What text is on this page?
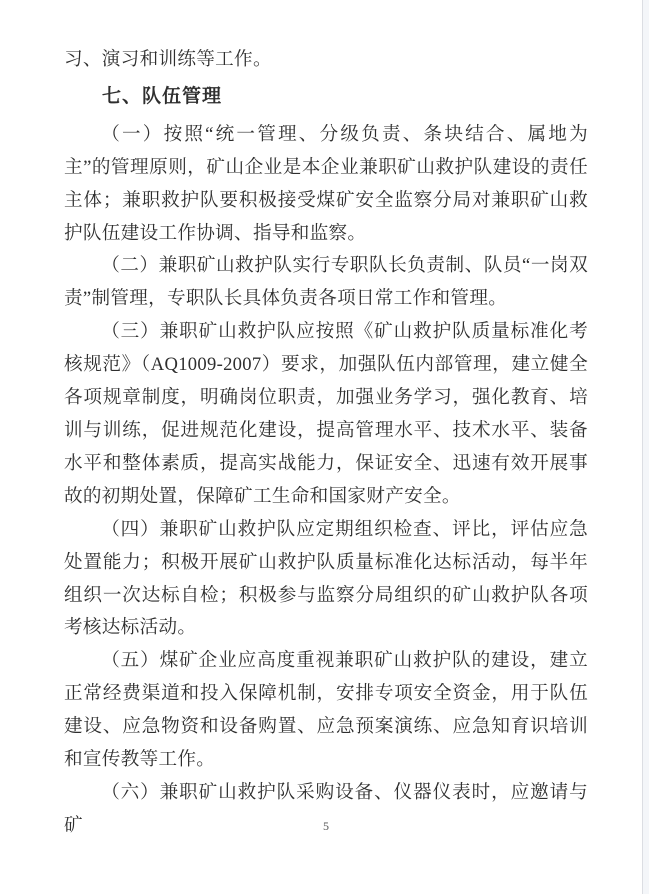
习、演习和训练等工作。

七、队伍管理

（一）按照“统一管理、分级负责、条块结合、属地为主”的管理原则，矿山企业是本企业兼职矿山救护队建设的责任主体；兼职救护队要积极接受煤矿安全监察分局对兼职矿山救护队伍建设工作协调、指导和监察。

（二）兼职矿山救护队实行专职队长负责制、队员“一岗双责”制管理，专职队长具体负责各项日常工作和管理。

（三）兼职矿山救护队应按照《矿山救护队质量标准化考核规范》（AQ1009-2007）要求，加强队伍内部管理，建立健全各项规章制度，明确岗位职责，加强业务学习，强化教育、培训与训练，促进规范化建设，提高管理水平、技术水平、装备水平和整体素质，提高实战能力，保证安全、迅速有效开展事故的初期处置，保障矿工生命和国家财产安全。

（四）兼职矿山救护队应定期组织检查、评比，评估应急处置能力；积极开展矿山救护队质量标准化达标活动，每半年组织一次达标自检；积极参与监察分局组织的矿山救护队各项考核达标活动。

（五）煤矿企业应高度重视兼职矿山救护队的建设，建立正常经费渠道和投入保障机制，安排专项安全资金，用于队伍建设、应急物资和设备购置、应急预案演练、应急知育识培训和宣传教等工作。

（六）兼职矿山救护队采购设备、仪器仪表时，应邀请与矿	5
